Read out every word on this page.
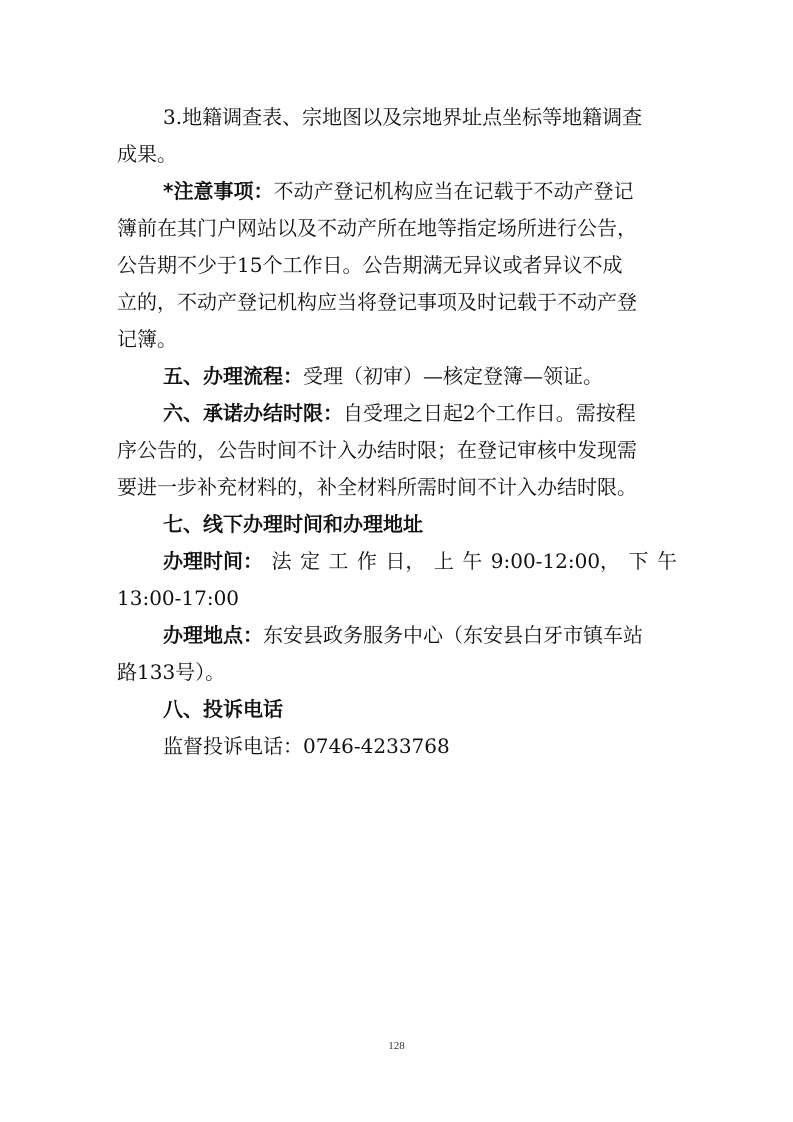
3.地籍调查表、宗地图以及宗地界址点坐标等地籍调查
成果。
*注意事项：不动产登记机构应当在记载于不动产登记
簿前在其门户网站以及不动产所在地等指定场所进行公告，
公告期不少于15个工作日。公告期满无异议或者异议不成
立的，不动产登记机构应当将登记事项及时记载于不动产登
记簿。
五、办理流程：受理（初审）—核定登簿—领证。
六、承诺办结时限：自受理之日起2个工作日。需按程
序公告的，公告时间不计入办结时限；在登记审核中发现需
要进一步补充材料的，补全材料所需时间不计入办结时限。
七、线下办理时间和办理地址
办理时间： 法 定 工 作 日， 上 午 9:00-12:00， 下 午
13:00-17:00
办理地点：东安县政务服务中心（东安县白牙市镇车站
路133号）。
八、投诉电话
监督投诉电话：0746-4233768
128
